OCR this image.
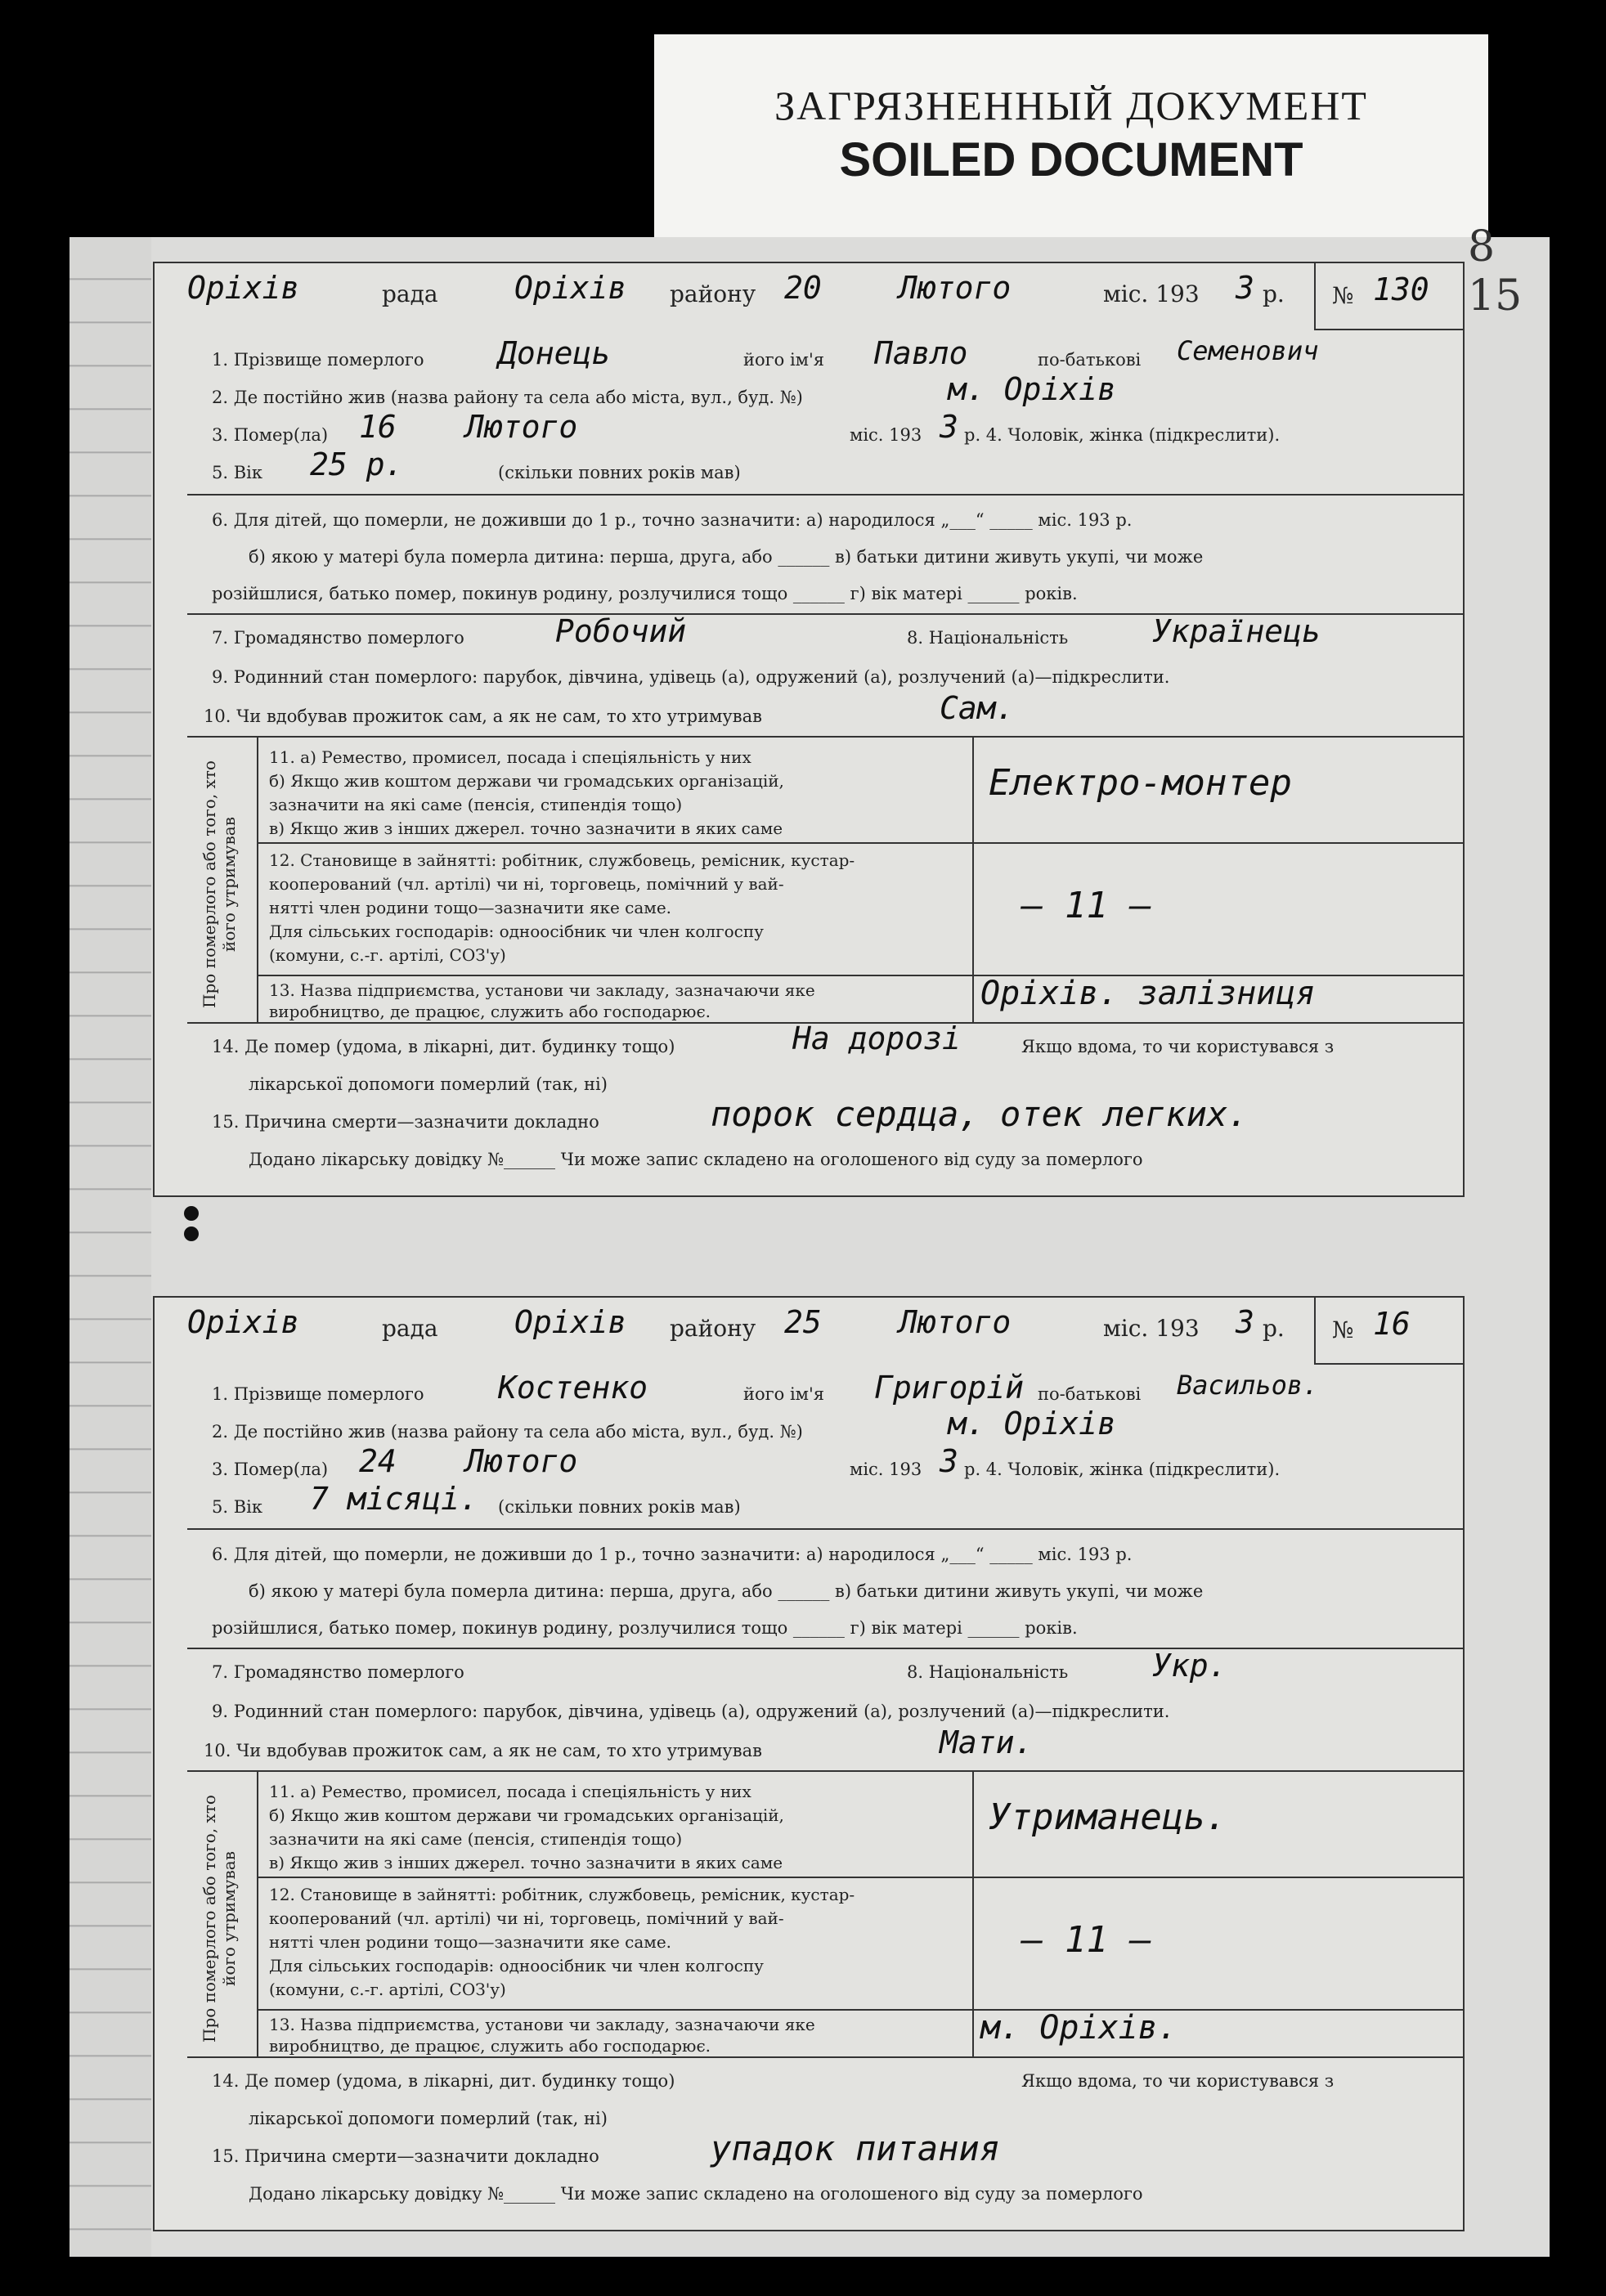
ЗАГРЯЗНЕННЫЙ ДОКУМЕНТ
SOILED DOCUMENT
8 15
№ 130
Оріхів	рада Оріхів району 20 Лютого	міс. 193 3 р.
1. Прізвище померлого Донець	його ім'я Павло	по-батькові Семенович
2. Де постійно жив (назва району та села або міста, вул., буд. №)	м. Оріхів
3. Помер(ла) 16 Лютого	міс. 193 3 р. 4. Чоловік, жінка (підкреслити).
5. Вік 25 р.	(скільки повних років мав)
6. Для дітей, що померли, не доживши до 1 р., точно зазначити: а) народилося „___“ _____ міс. 193 р.
б) якою у матері була померла дитина: перша, друга, або ______ в) батьки дитини живуть укупі, чи може
розійшлися, батько помер, покинув родину, розлучилися тощо ______ г) вік матері ______ років.
7. Громадянство померлого	Робочий	8. Національність	Українець
9. Родинний стан померлого: парубок, дівчина, удівець (а), одружений (а), розлучений (а)—підкреслити.
10. Чи вдобував прожиток сам, а як не сам, то хто утримував	Сам.
Про померлого або того, хто його утримував
11. а) Ремество, промисел, посада і спеціяльність у них
б) Якщо жив коштом держави чи громадських організацій,
зазначити на які саме (пенсія, стипендія тощо)
в) Якщо жив з інших джерел. точно зазначити в яких саме
Електро-монтер
12. Становище в зайнятті: робітник, службовець, ремісник, кустар-
кооперований (чл. артілі) чи ні, торговець, помічний у вай-
нятті член родини тощо—зазначити яке саме.
Для сільських господарів: одноосібник чи член колгоспу
(комуни, с.-г. артілі, СОЗ'у)
— 11 —
13. Назва підприємства, установи чи закладу, зазначаючи яке
виробництво, де працює, служить або господарює.	Оріхів. залізниця
14. Де помер (удома, в лікарні, дит. будинку тощо)	На дорозі	Якщо вдома, то чи користувався з
лікарської допомоги померлий (так, ні)
15. Причина смерти—зазначити докладно	порок сердца, отек легких.
Додано лікарську довідку №______ Чи може запис складено на оголошеного від суду за померлого
№ 16
Оріхів	рада Оріхів району 25 Лютого	міс. 193 3 р.
1. Прізвище померлого Костенко	його ім'я Григорій по-батькові Васильов.
2. Де постійно жив (назва району та села або міста, вул., буд. №)	м. Оріхів
3. Помер(ла) 24 Лютого	міс. 193 3 р. 4. Чоловік, жінка (підкреслити).
5. Вік 7 місяці. (скільки повних років мав)
6. Для дітей, що померли, не доживши до 1 р., точно зазначити: а) народилося „___“ _____ міс. 193 р.
б) якою у матері була померла дитина: перша, друга, або ______ в) батьки дитини живуть укупі, чи може
розійшлися, батько помер, покинув родину, розлучилися тощо ______ г) вік матері ______ років.
7. Громадянство померлого	8. Національність	Укр.
9. Родинний стан померлого: парубок, дівчина, удівець (а), одружений (а), розлучений (а)—підкреслити.
10. Чи вдобував прожиток сам, а як не сам, то хто утримував	Мати.
Про померлого або того, хто його утримував
11. а) Ремество, промисел, посада і спеціяльність у них
б) Якщо жив коштом держави чи громадських організацій,
зазначити на які саме (пенсія, стипендія тощо)
в) Якщо жив з інших джерел. точно зазначити в яких саме
Утриманець.
12. Становище в зайнятті: робітник, службовець, ремісник, кустар-
кооперований (чл. артілі) чи ні, торговець, помічний у вай-
нятті член родини тощо—зазначити яке саме.
Для сільських господарів: одноосібник чи член колгоспу
(комуни, с.-г. артілі, СОЗ'у)
— 11 —
13. Назва підприємства, установи чи закладу, зазначаючи яке
виробництво, де працює, служить або господарює.	м. Оріхів.
14. Де помер (удома, в лікарні, дит. будинку тощо)	Якщо вдома, то чи користувався з
лікарської допомоги померлий (так, ні)
15. Причина смерти—зазначити докладно	упадок питания
Додано лікарську довідку №______ Чи може запис складено на оголошеного від суду за померлого
